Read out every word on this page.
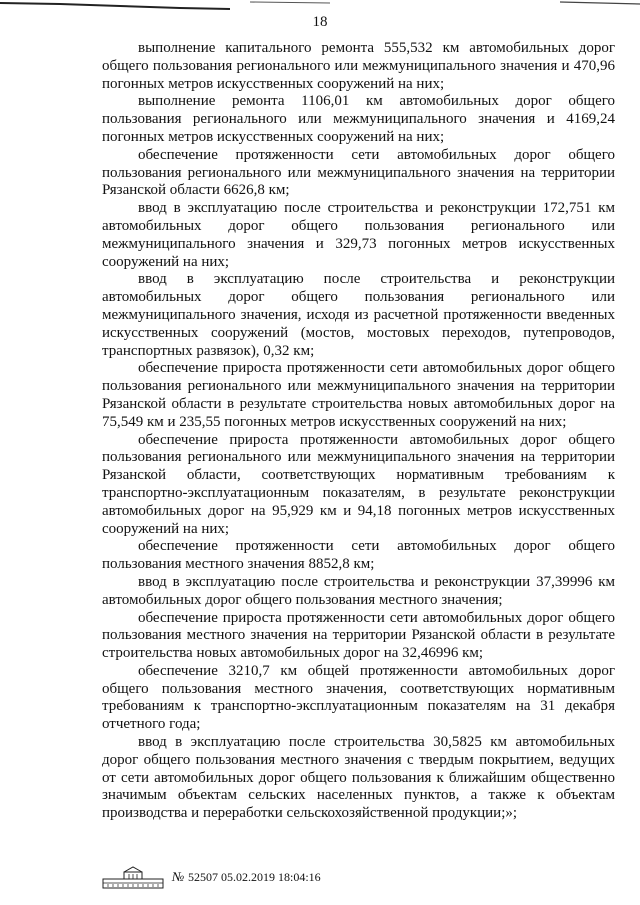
18

выполнение капитального ремонта 555,532 км автомобильных дорог общего пользования регионального или межмуниципального значения и 470,96 погонных метров искусственных сооружений на них;

выполнение ремонта 1106,01 км автомобильных дорог общего пользования регионального или межмуниципального значения и 4169,24 погонных метров искусственных сооружений на них;

обеспечение протяженности сети автомобильных дорог общего пользования регионального или межмуниципального значения на территории Рязанской области 6626,8 км;

ввод в эксплуатацию после строительства и реконструкции 172,751 км автомобильных дорог общего пользования регионального или межмуниципального значения и 329,73 погонных метров искусственных сооружений на них;

ввод в эксплуатацию после строительства и реконструкции автомобильных дорог общего пользования регионального или межмуниципального значения, исходя из расчетной протяженности введенных искусственных сооружений (мостов, мостовых переходов, путепроводов, транспортных развязок), 0,32 км;

обеспечение прироста протяженности сети автомобильных дорог общего пользования регионального или межмуниципального значения на территории Рязанской области в результате строительства новых автомобильных дорог на 75,549 км и 235,55 погонных метров искусственных сооружений на них;

обеспечение прироста протяженности автомобильных дорог общего пользования регионального или межмуниципального значения на территории Рязанской области, соответствующих нормативным требованиям к транспортно-эксплуатационным показателям, в результате реконструкции автомобильных дорог на 95,929 км и 94,18 погонных метров искусственных сооружений на них;

обеспечение протяженности сети автомобильных дорог общего пользования местного значения 8852,8 км;

ввод в эксплуатацию после строительства и реконструкции 37,39996 км автомобильных дорог общего пользования местного значения;

обеспечение прироста протяженности сети автомобильных дорог общего пользования местного значения на территории Рязанской области в результате строительства новых автомобильных дорог на 32,46996 км;

обеспечение 3210,7 км общей протяженности автомобильных дорог общего пользования местного значения, соответствующих нормативным требованиям к транспортно-эксплуатационным показателям на 31 декабря отчетного года;

ввод в эксплуатацию после строительства 30,5825 км автомобильных дорог общего пользования местного значения с твердым покрытием, ведущих от сети автомобильных дорог общего пользования к ближайшим общественно значимым объектам сельских населенных пунктов, а также к объектам производства и переработки сельскохозяйственной продукции;»;

№ 52507 05.02.2019 18:04:16
